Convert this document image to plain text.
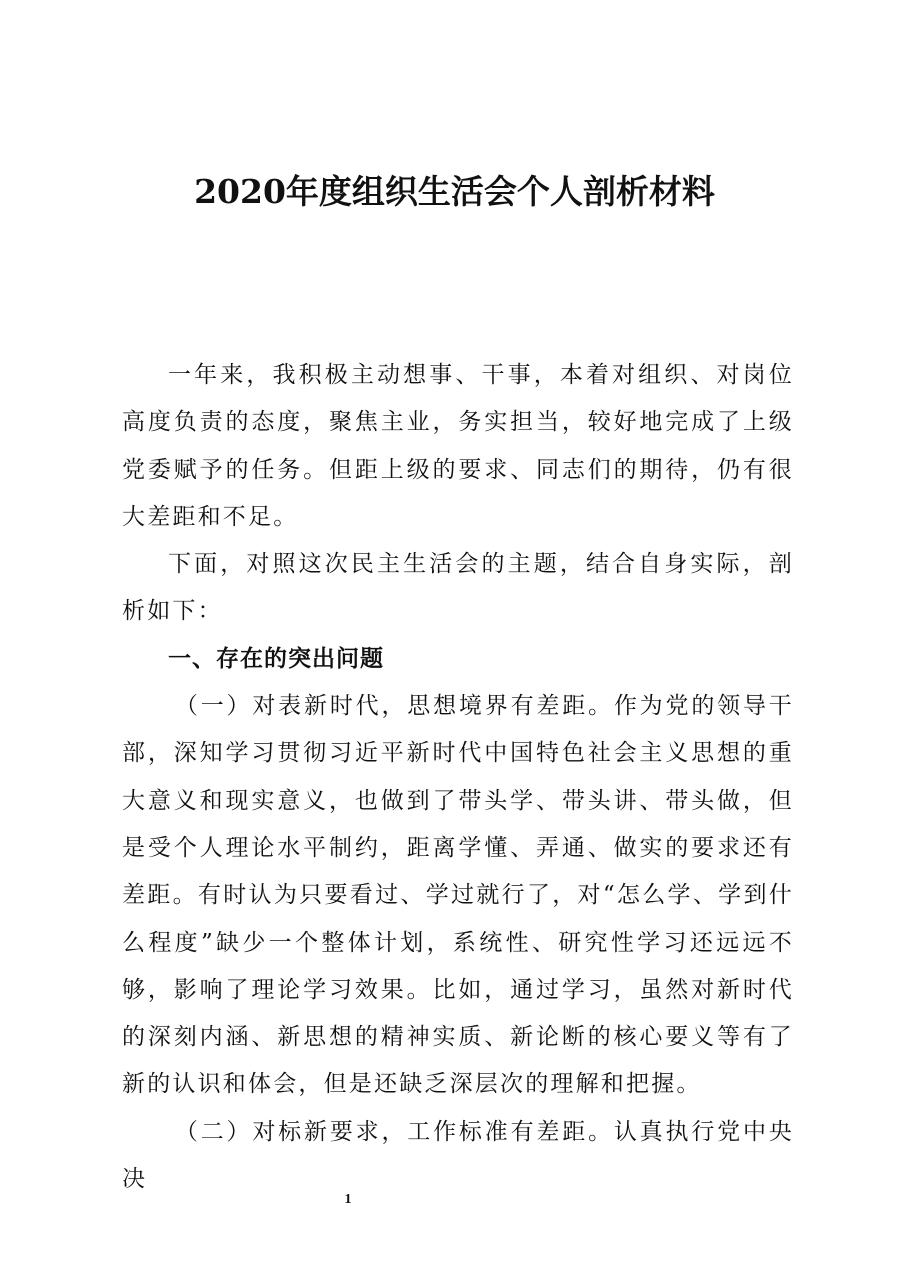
2020年度组织生活会个人剖析材料

一年来，我积极主动想事、干事，本着对组织、对岗位高度负责的态度，聚焦主业，务实担当，较好地完成了上级党委赋予的任务。但距上级的要求、同志们的期待，仍有很大差距和不足。

下面，对照这次民主生活会的主题，结合自身实际，剖析如下：

一、存在的突出问题

（一）对表新时代，思想境界有差距。作为党的领导干部，深知学习贯彻习近平新时代中国特色社会主义思想的重大意义和现实意义，也做到了带头学、带头讲、带头做，但是受个人理论水平制约，距离学懂、弄通、做实的要求还有差距。有时认为只要看过、学过就行了，对“怎么学、学到什么程度”缺少一个整体计划，系统性、研究性学习还远远不够，影响了理论学习效果。比如，通过学习，虽然对新时代的深刻内涵、新思想的精神实质、新论断的核心要义等有了新的认识和体会，但是还缺乏深层次的理解和把握。

（二）对标新要求，工作标准有差距。认真执行党中央决

1
